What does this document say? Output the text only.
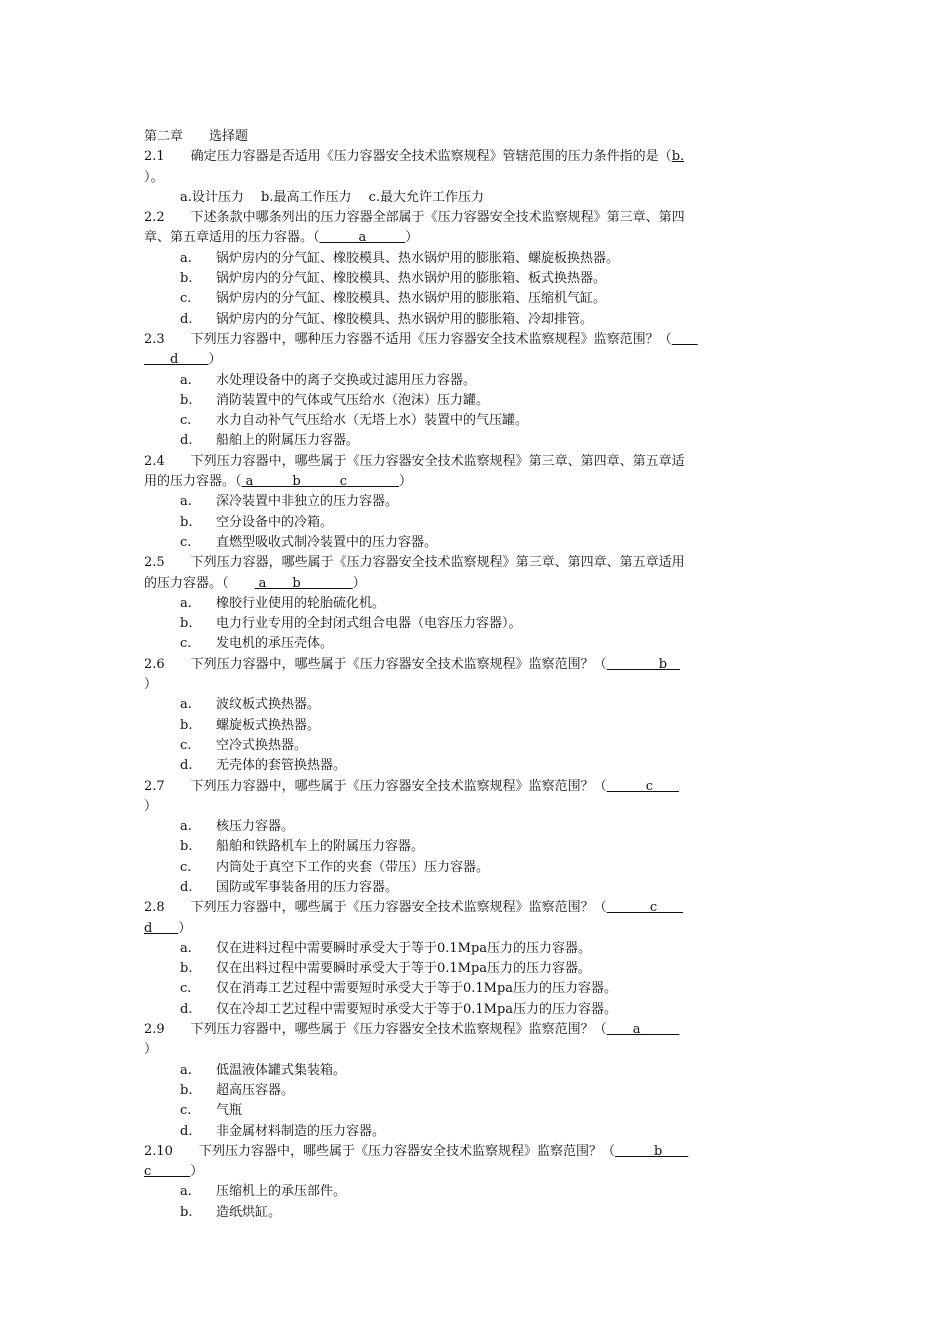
第二章　　 选择题
2.1　　确定压力容器是否适用《压力容器安全技术监察规程》管辖范围的压力条件指的是（b.
）。
a.设计压力　 b.最高工作压力　 c.最大允许工作压力
2.2　　下述条款中哪条列出的压力容器全部属于《压力容器安全技术监察规程》第三章、第四
章、第五章适用的压力容器。（　　　a　　　）
a. 锅炉房内的分气缸、橡胶模具、热水锅炉用的膨胀箱、螺旋板换热器。
b. 锅炉房内的分气缸、橡胶模具、热水锅炉用的膨胀箱、板式换热器。
c. 锅炉房内的分气缸、橡胶模具、热水锅炉用的膨胀箱、压缩机气缸。
d. 锅炉房内的分气缸、橡胶模具、热水锅炉用的膨胀箱、冷却排管。
2.3　　下列压力容器中，哪种压力容器不适用《压力容器安全技术监察规程》监察范围？（　　
　　d　　 ）
a. 水处理设备中的离子交换或过滤用压力容器。
b. 消防装置中的气体或气压给水（泡沫）压力罐。
c. 水力自动补气气压给水（无塔上水）装置中的气压罐。
d. 船舶上的附属压力容器。
2.4　　下列压力容器中，哪些属于《压力容器安全技术监察规程》第三章、第四章、第五章适
用的压力容器。（ a　　　b　　　c　　　　）
a. 深冷装置中非独立的压力容器。
b. 空分设备中的冷箱。
c. 直燃型吸收式制冷装置中的压力容器。
2.5　　下列压力容器，哪些属于《压力容器安全技术监察规程》第三章、第四章、第五章适用
的压力容器。（　　 a　　b　　　　）
a. 橡胶行业使用的轮胎硫化机。
b. 电力行业专用的全封闭式组合电器（电容压力容器）。
c. 发电机的承压壳体。
2.6　　下列压力容器中，哪些属于《压力容器安全技术监察规程》监察范围？（　　　　b　
）
a. 波纹板式换热器。
b. 螺旋板式换热器。
c. 空冷式换热器。
d. 无壳体的套管换热器。
2.7　　下列压力容器中，哪些属于《压力容器安全技术监察规程》监察范围？（　　　c　　
）
a. 核压力容器。
b. 船舶和铁路机车上的附属压力容器。
c. 内筒处于真空下工作的夹套（带压）压力容器。
d. 国防或军事装备用的压力容器。
2.8　　下列压力容器中，哪些属于《压力容器安全技术监察规程》监察范围？（　　 　c　　
d　　）
a. 仅在进料过程中需要瞬时承受大于等于0.1Mpa压力的压力容器。
b. 仅在出料过程中需要瞬时承受大于等于0.1Mpa压力的压力容器。
c. 仅在消毒工艺过程中需要短时承受大于等于0.1Mpa压力的压力容器。
d. 仅在冷却工艺过程中需要短时承受大于等于0.1Mpa压力的压力容器。
2.9　　下列压力容器中，哪些属于《压力容器安全技术监察规程》监察范围？（　　a　　　
）
a. 低温液体罐式集装箱。
b. 超高压容器。
c. 气瓶
d. 非金属材料制造的压力容器。
2.10　　下列压力容器中，哪些属于《压力容器安全技术监察规程》监察范围？（　　　b　　
c　　　）
a. 压缩机上的承压部件。
b. 造纸烘缸。
